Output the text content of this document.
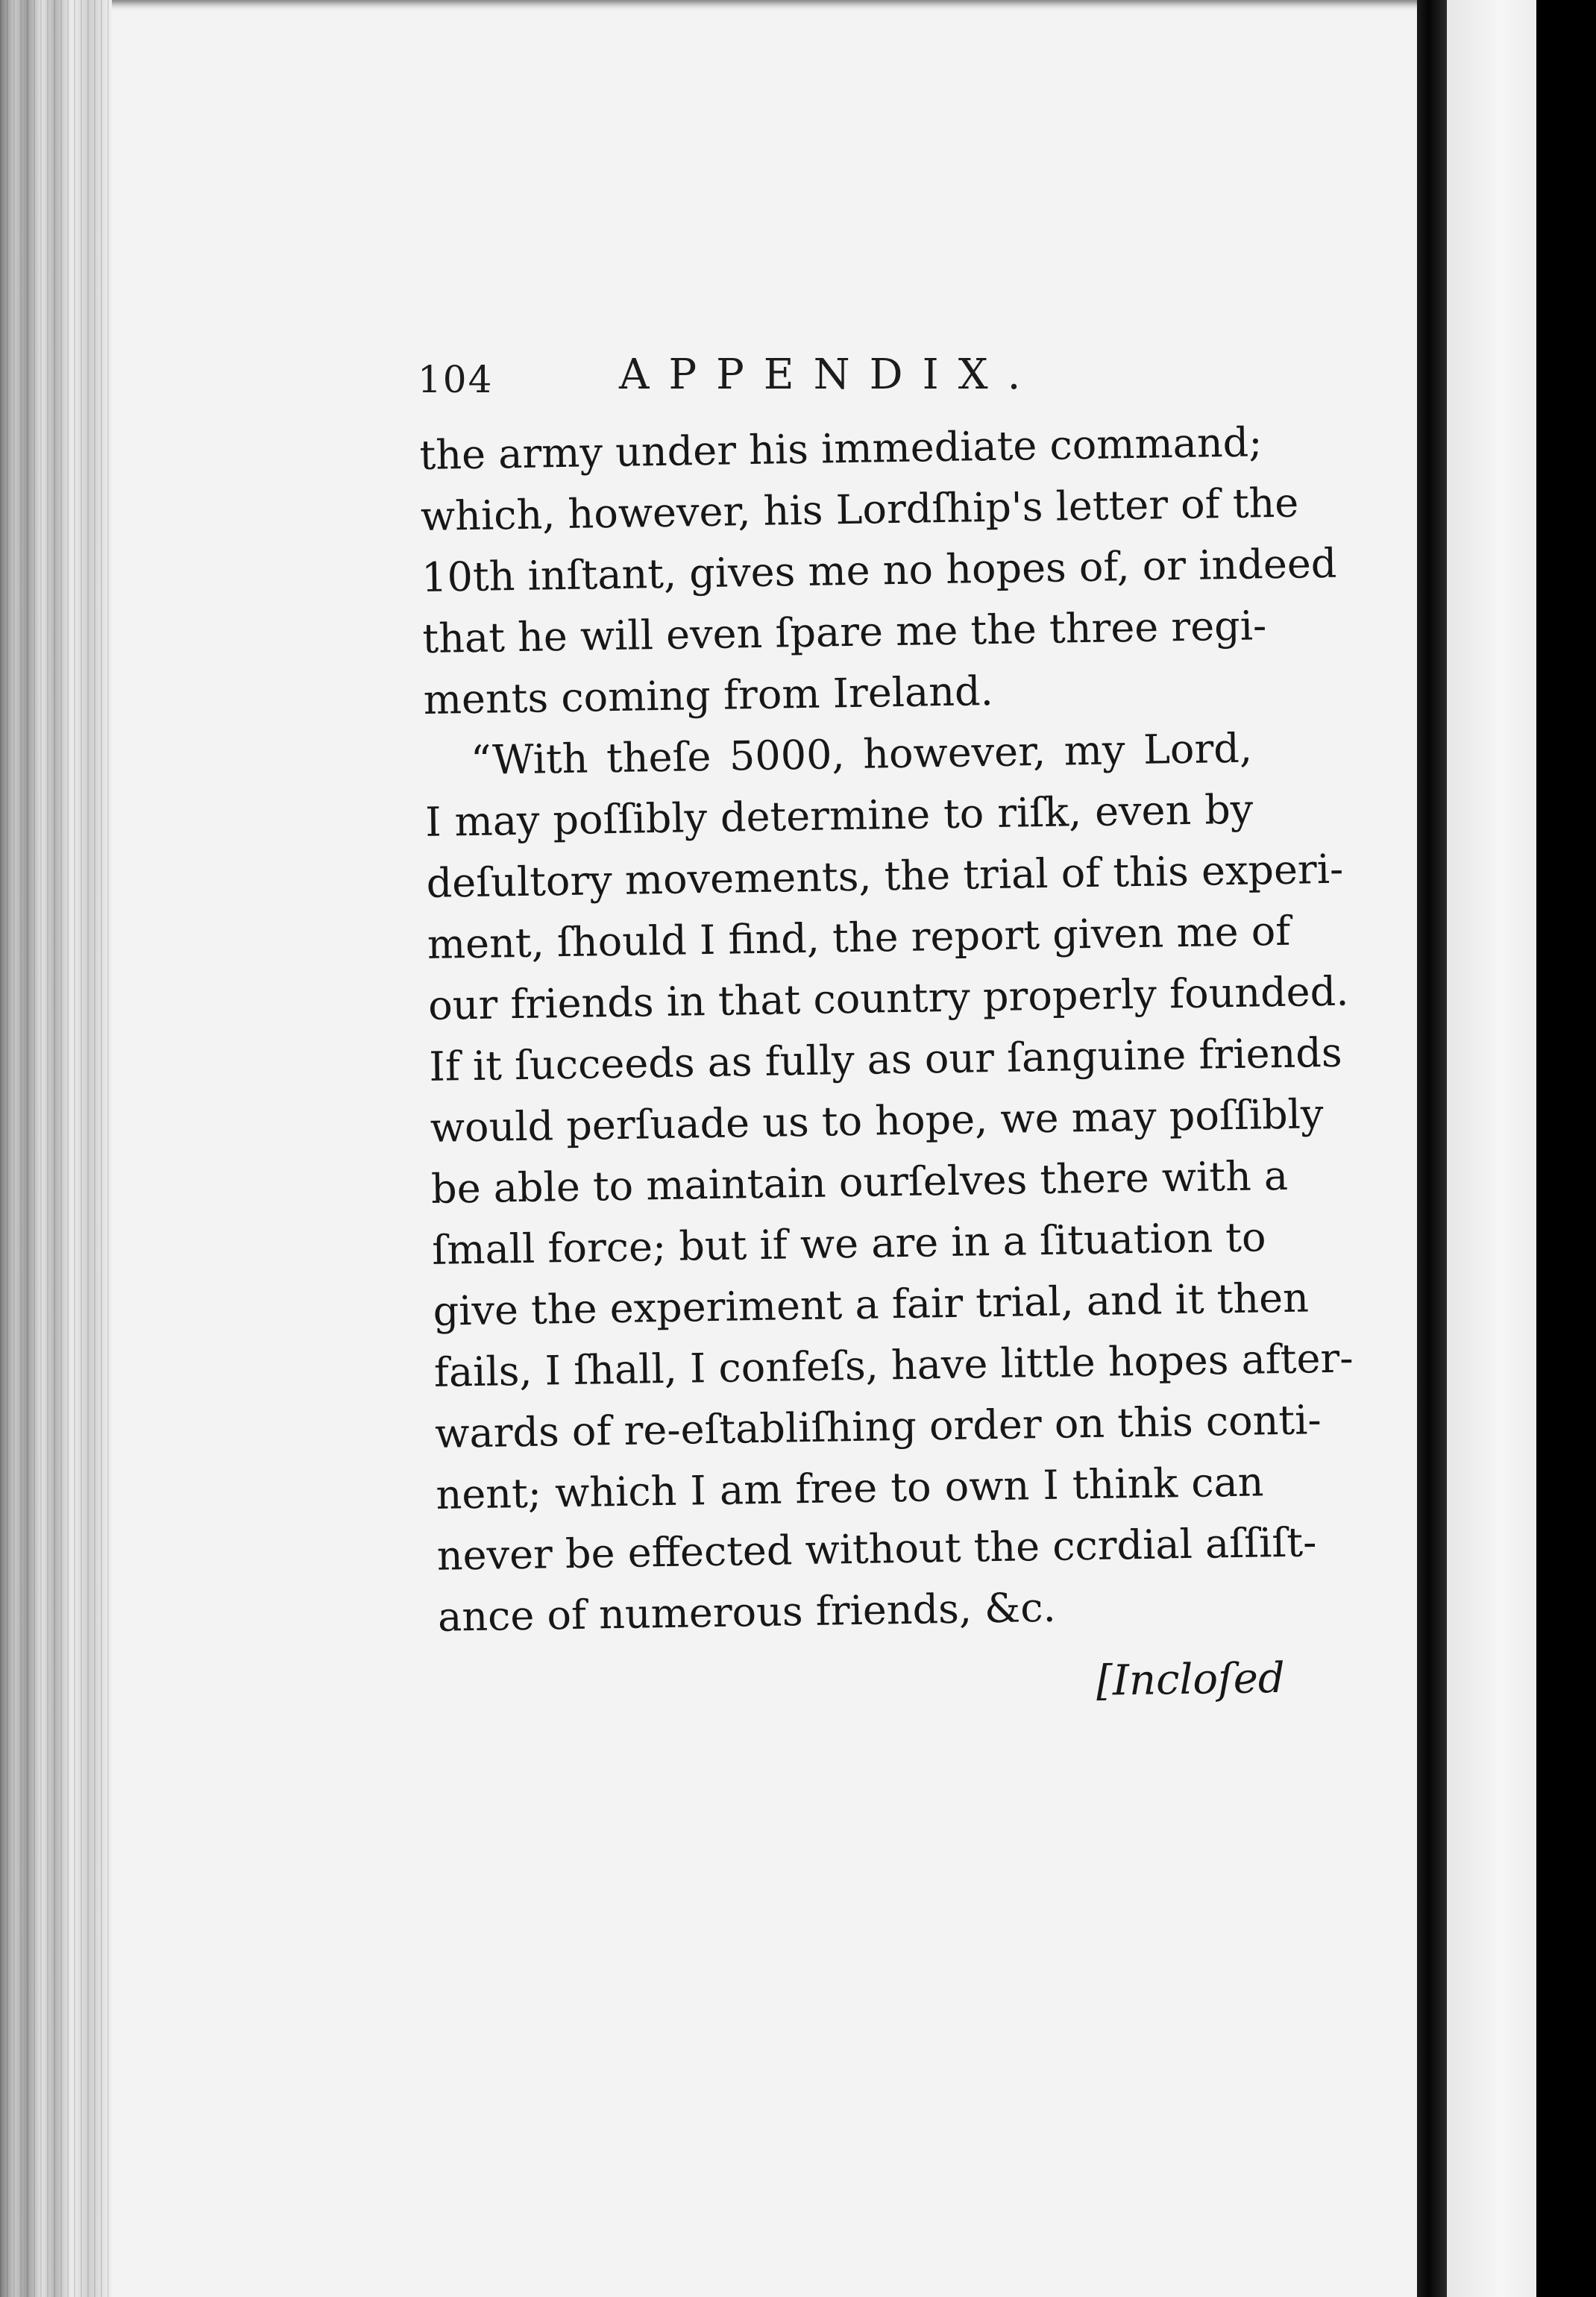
104	APPENDIX.
the army under his immediate command;
which, however, his Lordſhip's letter of the
10th inſtant, gives me no hopes of, or indeed
that he will even ſpare me the three regi-
ments coming from Ireland.
“With theſe 5000, however, my Lord,
I may poſſibly determine to riſk, even by
deſultory movements, the trial of this experi-
ment, ſhould I find, the report given me of
our friends in that country properly founded.
If it ſucceeds as fully as our ſanguine friends
would perſuade us to hope, we may poſſibly
be able to maintain ourſelves there with a
ſmall force; but if we are in a ſituation to
give the experiment a fair trial, and it then
fails, I ſhall, I confeſs, have little hopes after-
wards of re-eſtabliſhing order on this conti-
nent; which I am free to own I think can
never be effected without the ccrdial aſſiſt-
ance of numerous friends, &c.
[Incloſed
